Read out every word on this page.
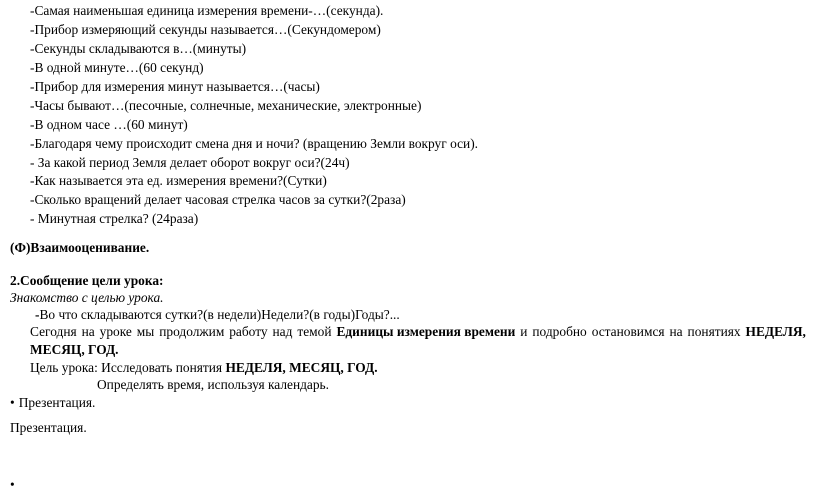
-Самая наименьшая единица измерения времени-…(секунда).
-Прибор измеряющий секунды называется…(Секундомером)
-Секунды складываются в…(минуты)
-В одной минуте…(60 секунд)
-Прибор для измерения минут называется…(часы)
-Часы бывают…(песочные, солнечные, механические, электронные)
-В одном часе …(60 минут)
-Благодаря чему происходит смена дня и ночи? (вращению Земли вокруг оси).
- За какой период Земля делает оборот вокруг оси?(24ч)
-Как называется эта ед. измерения времени?(Сутки)
-Сколько вращений делает часовая стрелка часов за сутки?(2раза)
- Минутная стрелка? (24раза)
(Ф)Взаимооценивание.
2.Сообщение цели урока:
Знакомство с целью урока.
-Во что складываются сутки?(в недели)Недели?(в годы)Годы?...
Сегодня на уроке мы продолжим работу над темой Единицы измерения времени и подробно остановимся на понятиях НЕДЕЛЯ,
МЕСЯЦ, ГОД.
Цель урока: Исследовать понятия НЕДЕЛЯ, МЕСЯЦ, ГОД.
Определять время, используя календарь.
• Презентация.
Презентация.
•
